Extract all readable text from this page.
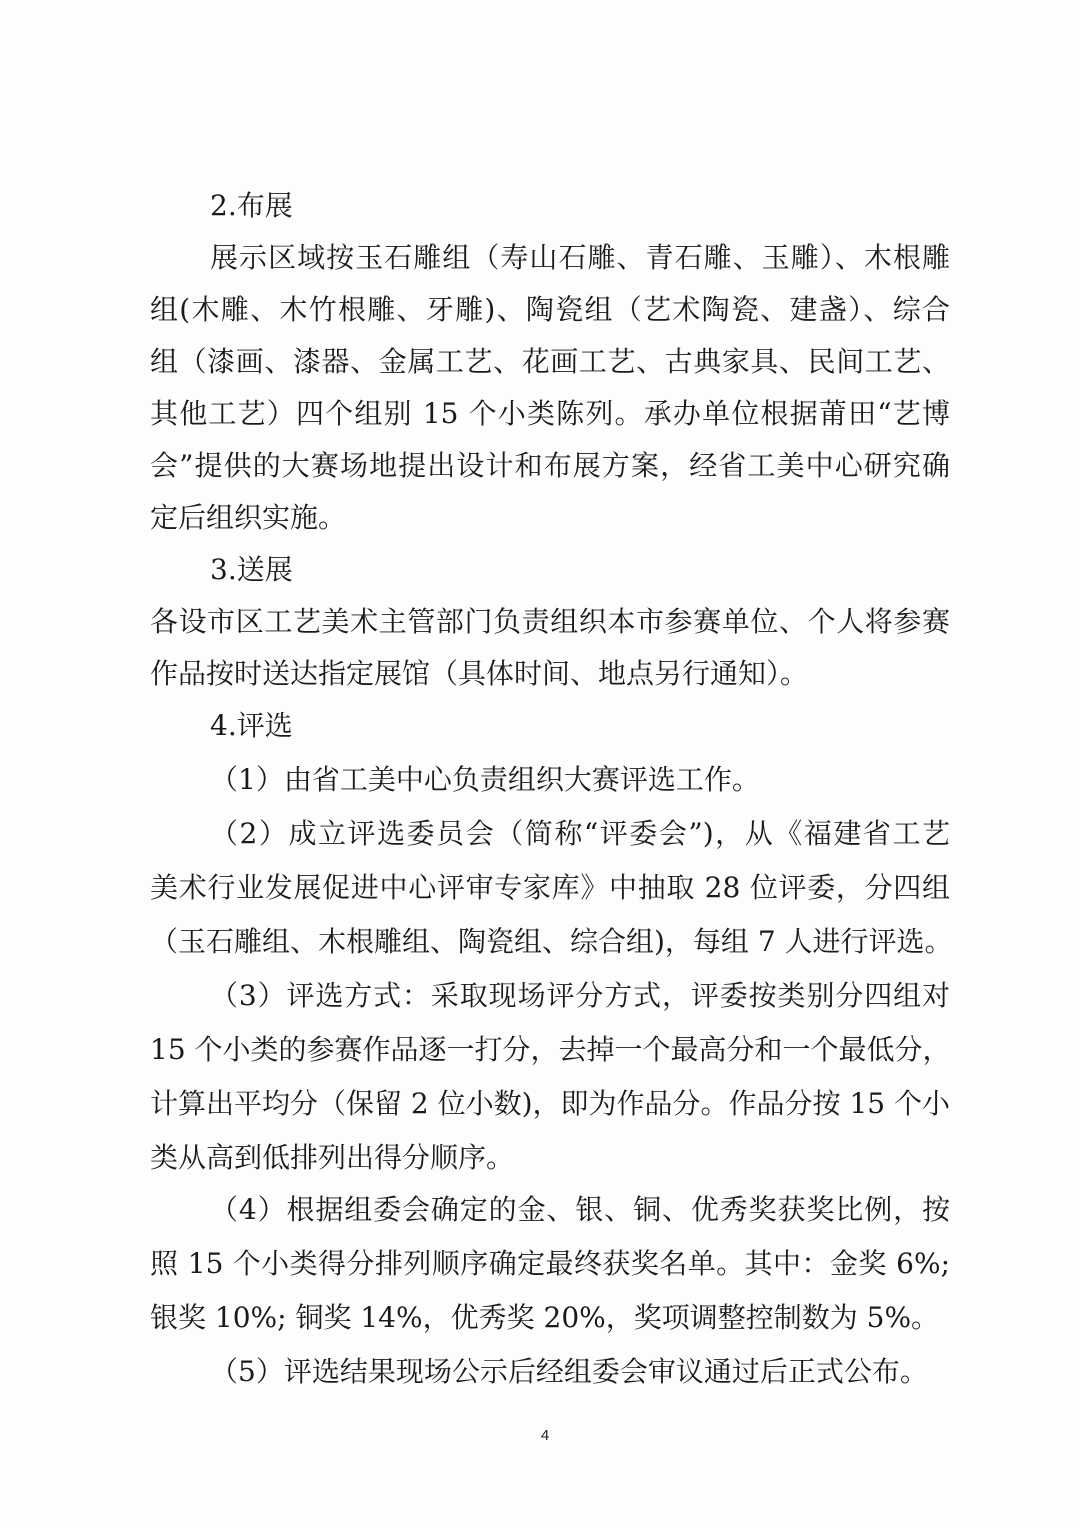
2.布展
展示区域按玉石雕组（寿山石雕、青石雕、玉雕）、木根雕
组(木雕、木竹根雕、牙雕)、陶瓷组（艺术陶瓷、建盏）、综合
组（漆画、漆器、金属工艺、花画工艺、古典家具、民间工艺、
其他工艺）四个组别 15 个小类陈列。承办单位根据莆田“艺博
会”提供的大赛场地提出设计和布展方案，经省工美中心研究确
定后组织实施。
3.送展
各设市区工艺美术主管部门负责组织本市参赛单位、个人将参赛
作品按时送达指定展馆（具体时间、地点另行通知）。
4.评选
（1）由省工美中心负责组织大赛评选工作。
（2）成立评选委员会（简称“评委会”)，从《福建省工艺
美术行业发展促进中心评审专家库》中抽取 28 位评委，分四组
（玉石雕组、木根雕组、陶瓷组、综合组)，每组 7 人进行评选。
（3）评选方式：采取现场评分方式，评委按类别分四组对
15 个小类的参赛作品逐一打分，去掉一个最高分和一个最低分，
计算出平均分（保留 2 位小数)，即为作品分。作品分按 15 个小
类从高到低排列出得分顺序。
（4）根据组委会确定的金、银、铜、优秀奖获奖比例，按
照 15 个小类得分排列顺序确定最终获奖名单。其中：金奖 6%;
银奖 10%; 铜奖 14%，优秀奖 20%，奖项调整控制数为 5%。
（5）评选结果现场公示后经组委会审议通过后正式公布。
4
